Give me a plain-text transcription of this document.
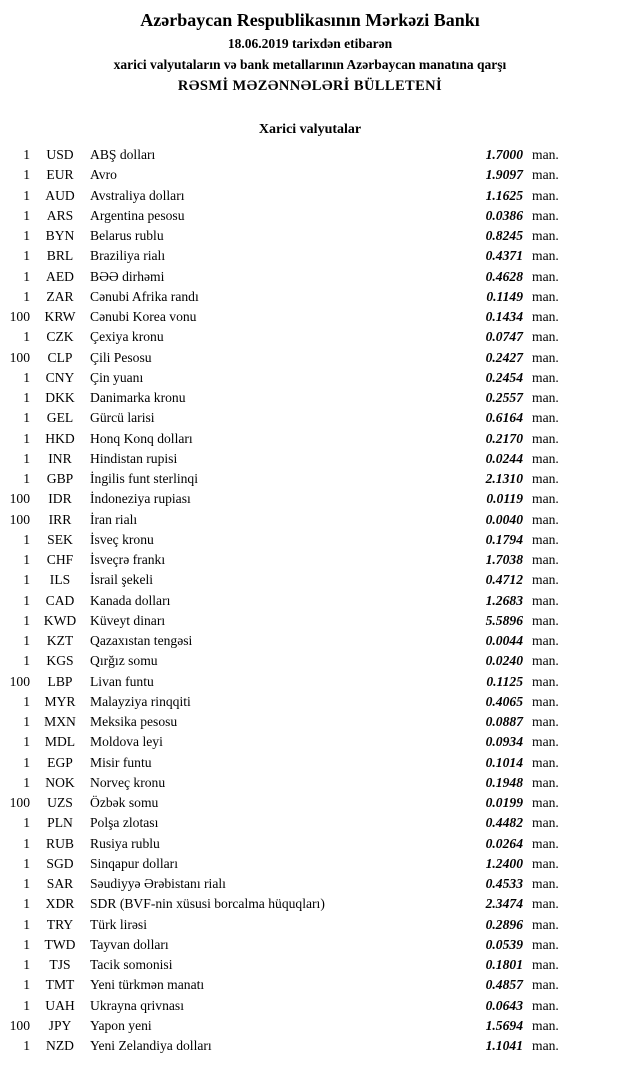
Azərbaycan Respublikasının Mərkəzi Bankı
18.06.2019 tarixdən etibarən
xarici valyutaların və bank metallarının Azərbaycan manatına qarşı
RƏSMİ MƏZƏNNƏLƏRİ BÜLLETENİ
Xarici valyutalar
1	USD	ABŞ dolları	1.7000 man.
1	EUR	Avro	1.9097 man.
1	AUD	Avstraliya dolları	1.1625 man.
1	ARS	Argentina pesosu	0.0386 man.
1	BYN	Belarus rublu	0.8245 man.
1	BRL	Braziliya rialı	0.4371 man.
1	AED	BƏƏ dirhəmi	0.4628 man.
1	ZAR	Cənubi Afrika randı	0.1149 man.
100	KRW	Cənubi Korea vonu	0.1434 man.
1	CZK	Çexiya kronu	0.0747 man.
100	CLP	Çili Pesosu	0.2427 man.
1	CNY	Çin yuanı	0.2454 man.
1	DKK	Danimarka kronu	0.2557 man.
1	GEL	Gürcü larisi	0.6164 man.
1	HKD	Honq Konq dolları	0.2170 man.
1	INR	Hindistan rupisi	0.0244 man.
1	GBP	İngilis funt sterlinqi	2.1310 man.
100	IDR	İndoneziya rupiası	0.0119 man.
100	IRR	İran rialı	0.0040 man.
1	SEK	İsveç kronu	0.1794 man.
1	CHF	İsveçrə frankı	1.7038 man.
1	ILS	İsrail şekeli	0.4712 man.
1	CAD	Kanada dolları	1.2683 man.
1	KWD	Küveyt dinarı	5.5896 man.
1	KZT	Qazaxıstan tengəsi	0.0044 man.
1	KGS	Qırğız somu	0.0240 man.
100	LBP	Livan funtu	0.1125 man.
1	MYR	Malayziya rinqqiti	0.4065 man.
1	MXN	Meksika pesosu	0.0887 man.
1	MDL	Moldova leyi	0.0934 man.
1	EGP	Misir funtu	0.1014 man.
1	NOK	Norveç kronu	0.1948 man.
100	UZS	Özbək somu	0.0199 man.
1	PLN	Polşa zlotası	0.4482 man.
1	RUB	Rusiya rublu	0.0264 man.
1	SGD	Sinqapur dolları	1.2400 man.
1	SAR	Səudiyyə Ərəbistanı rialı	0.4533 man.
1	XDR	SDR (BVF-nin xüsusi borcalma hüquqları)	2.3474 man.
1	TRY	Türk lirəsi	0.2896 man.
1	TWD	Tayvan dolları	0.0539 man.
1	TJS	Tacik somonisi	0.1801 man.
1	TMT	Yeni türkmən manatı	0.4857 man.
1	UAH	Ukrayna qrivnası	0.0643 man.
100	JPY	Yapon yeni	1.5694 man.
1	NZD	Yeni Zelandiya dolları	1.1041 man.
